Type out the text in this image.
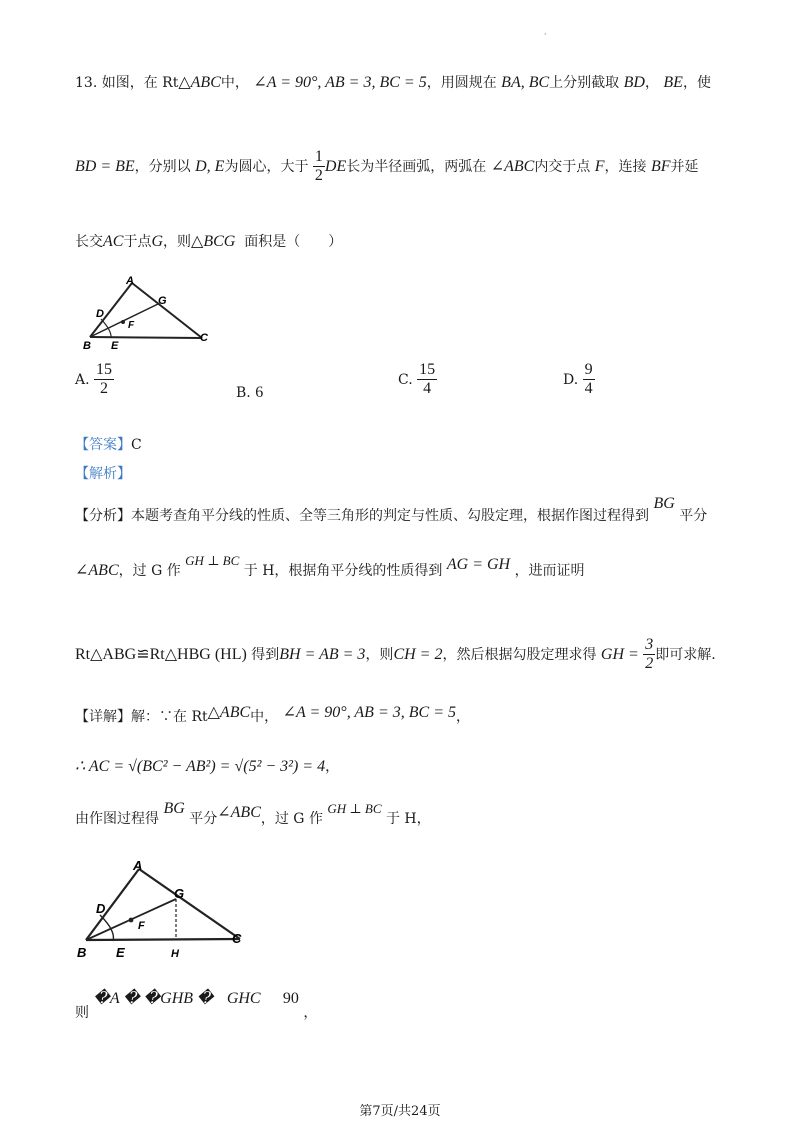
·
13. 如图，在 Rt△ABC中， ∠A = 90°, AB = 3, BC = 5，用圆规在 BA, BC上分别截取 BD， BE，使
BD = BE，分别以 D, E为圆心，大于 $\frac{1}{2}$ DE长为半径画弧，两弧在 ∠ABC内交于点 F，连接 BF并延
长交AC于点G，则△BCG 面积是（　　）
A
G
D
F
B E
C
A. $\frac{15}{2}$	B. 6
C. $\frac{15}{4}$	D. $\frac{9}{4}$
【答案】C
【解析】
【分析】本题考查角平分线的性质、全等三角形的判定与性质、勾股定理，根据作图过程得到 BG 平分
∠ABC，过 G 作 GH ⊥ BC 于 H，根据角平分线的性质得到 AG = GH ，进而证明
Rt△ABG≌Rt△HBG (HL) 得到BH = AB = 3，则CH = 2，然后根据勾股定理求得 GH = $\frac{3}{2}$ 即可求解.
【详解】解：∵在 Rt△ABC中， ∠A = 90°, AB = 3, BC = 5，
∴ AC = √(BC² − AB²) = √(5² − 3²) = 4，
由作图过程得 BG 平分∠ABC，过 G 作 GH ⊥ BC 于 H，
A
G
D
F
B E	H
C
则 �A � �GHB � GHC 90 ，
第7页/共24页
